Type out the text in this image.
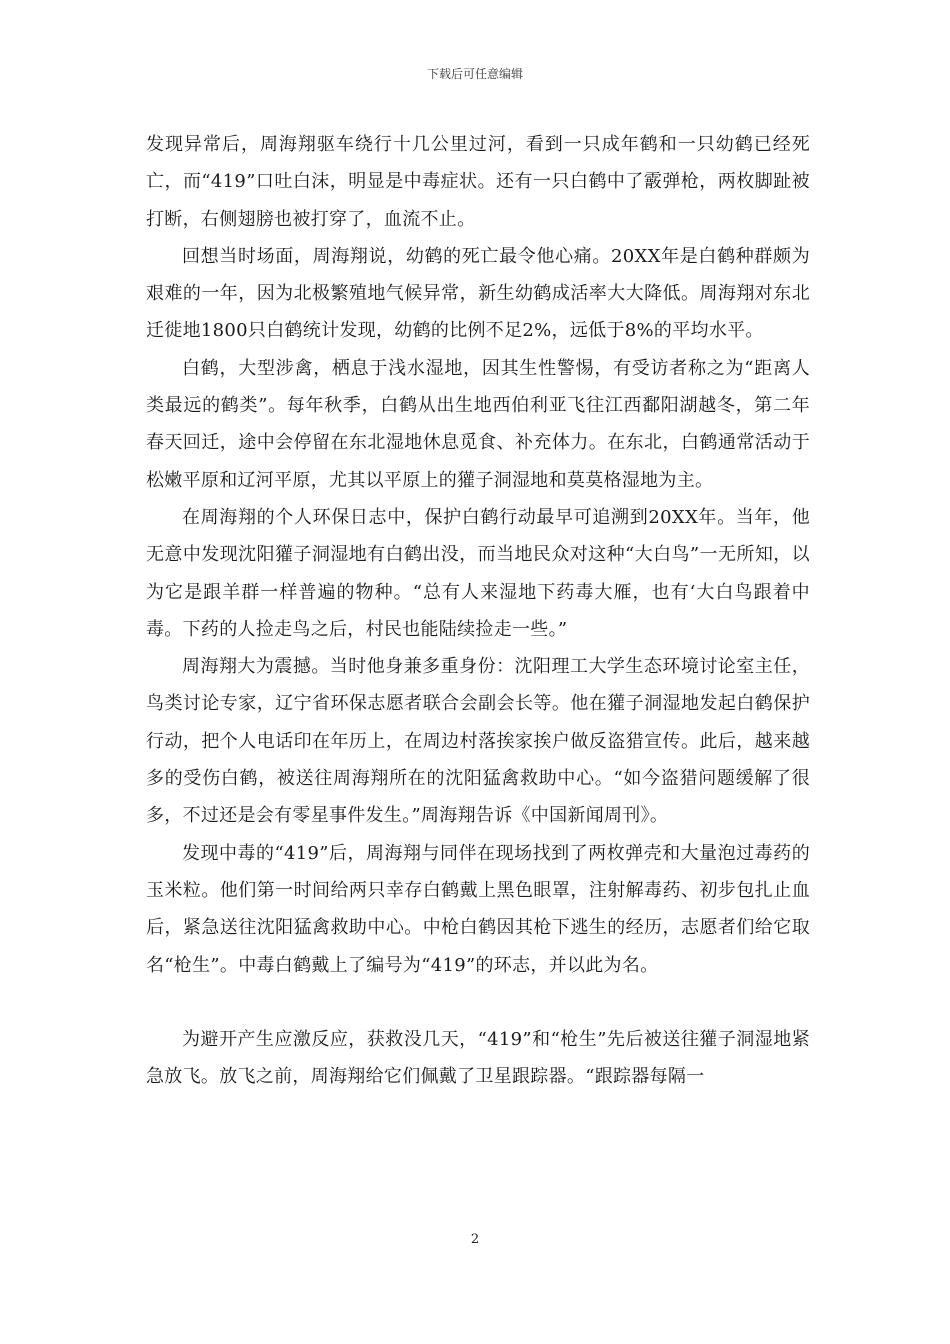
下载后可任意编辑

发现异常后，周海翔驱车绕行十几公里过河，看到一只成年鹤和一只幼鹤已经死亡，而“419”口吐白沫，明显是中毒症状。还有一只白鹤中了霰弹枪，两枚脚趾被打断，右侧翅膀也被打穿了，血流不止。

回想当时场面，周海翔说，幼鹤的死亡最令他心痛。20XX年是白鹤种群颇为艰难的一年，因为北极繁殖地气候异常，新生幼鹤成活率大大降低。周海翔对东北迁徙地1800只白鹤统计发现，幼鹤的比例不足2%，远低于8%的平均水平。

白鹤，大型涉禽，栖息于浅水湿地，因其生性警惕，有受访者称之为“距离人类最远的鹤类”。每年秋季，白鹤从出生地西伯利亚飞往江西鄱阳湖越冬，第二年春天回迁，途中会停留在东北湿地休息觅食、补充体力。在东北，白鹤通常活动于松嫩平原和辽河平原，尤其以平原上的獾子洞湿地和莫莫格湿地为主。

在周海翔的个人环保日志中，保护白鹤行动最早可追溯到20XX年。当年，他无意中发现沈阳獾子洞湿地有白鹤出没，而当地民众对这种“大白鸟”一无所知，以为它是跟羊群一样普遍的物种。“总有人来湿地下药毒大雁，也有‘大白鸟跟着中毒。下药的人捡走鸟之后，村民也能陆续捡走一些。”

周海翔大为震撼。当时他身兼多重身份：沈阳理工大学生态环境讨论室主任，鸟类讨论专家，辽宁省环保志愿者联合会副会长等。他在獾子洞湿地发起白鹤保护行动，把个人电话印在年历上，在周边村落挨家挨户做反盗猎宣传。此后，越来越多的受伤白鹤，被送往周海翔所在的沈阳猛禽救助中心。“如今盗猎问题缓解了很多，不过还是会有零星事件发生。”周海翔告诉《中国新闻周刊》。

发现中毒的“419”后，周海翔与同伴在现场找到了两枚弹壳和大量泡过毒药的玉米粒。他们第一时间给两只幸存白鹤戴上黑色眼罩，注射解毒药、初步包扎止血后，紧急送往沈阳猛禽救助中心。中枪白鹤因其枪下逃生的经历，志愿者们给它取名“枪生”。中毒白鹤戴上了编号为“419”的环志，并以此为名。

为避开产生应激反应，获救没几天，“419”和“枪生”先后被送往獾子洞湿地紧急放飞。放飞之前，周海翔给它们佩戴了卫星跟踪器。“跟踪器每隔一

2
